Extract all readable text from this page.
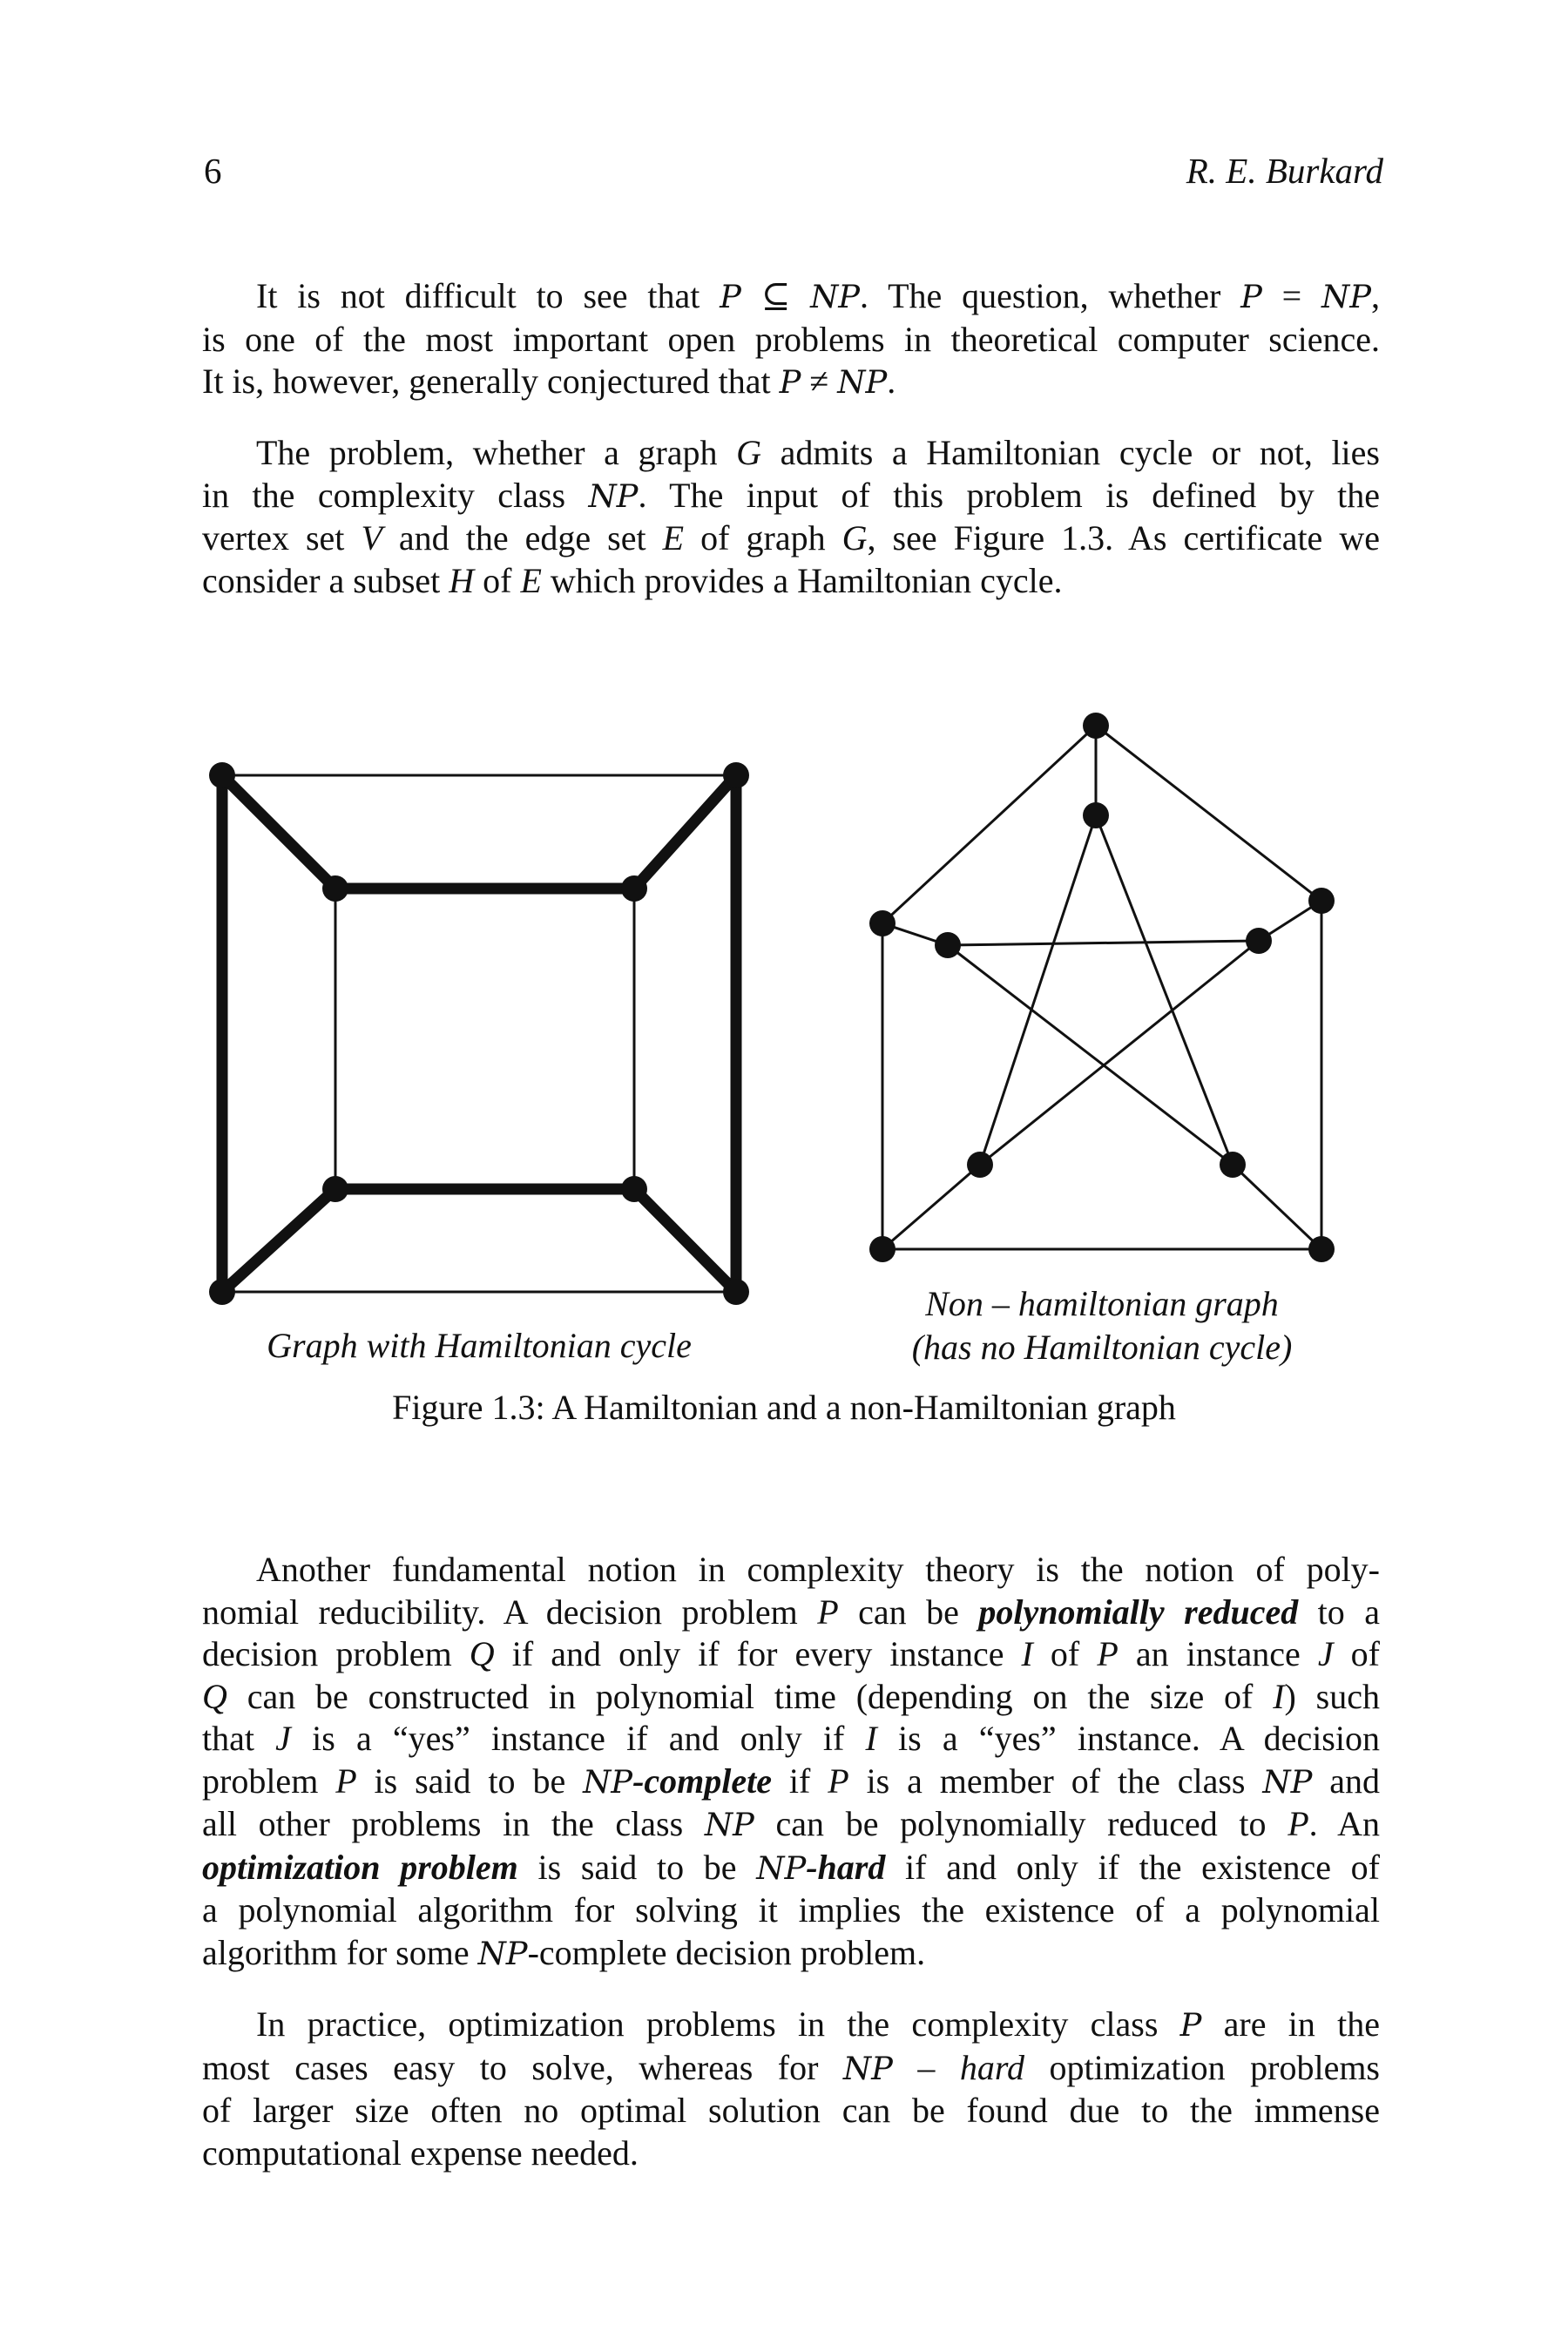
6	R. E. Burkard
It is not difficult to see that P ⊆ NP. The question, whether P = NP,
is one of the most important open problems in theoretical computer science.
It is, however, generally conjectured that P ≠ NP.
The problem, whether a graph G admits a Hamiltonian cycle or not, lies
in the complexity class NP. The input of this problem is defined by the
vertex set V and the edge set E of graph G, see Figure 1.3. As certificate we
consider a subset H of E which provides a Hamiltonian cycle.
Graph with Hamiltonian cycle
Non – hamiltonian graph
(has no Hamiltonian cycle)
Figure 1.3: A Hamiltonian and a non-Hamiltonian graph
Another fundamental notion in complexity theory is the notion of poly-
nomial reducibility. A decision problem P can be polynomially reduced to a
decision problem Q if and only if for every instance I of P an instance J of
Q can be constructed in polynomial time (depending on the size of I) such
that J is a “yes” instance if and only if I is a “yes” instance. A decision
problem P is said to be NP-complete if P is a member of the class NP and
all other problems in the class NP can be polynomially reduced to P. An
optimization problem is said to be NP-hard if and only if the existence of
a polynomial algorithm for solving it implies the existence of a polynomial
algorithm for some NP-complete decision problem.
In practice, optimization problems in the complexity class P are in the
most cases easy to solve, whereas for NP – hard optimization problems
of larger size often no optimal solution can be found due to the immense
computational expense needed.
